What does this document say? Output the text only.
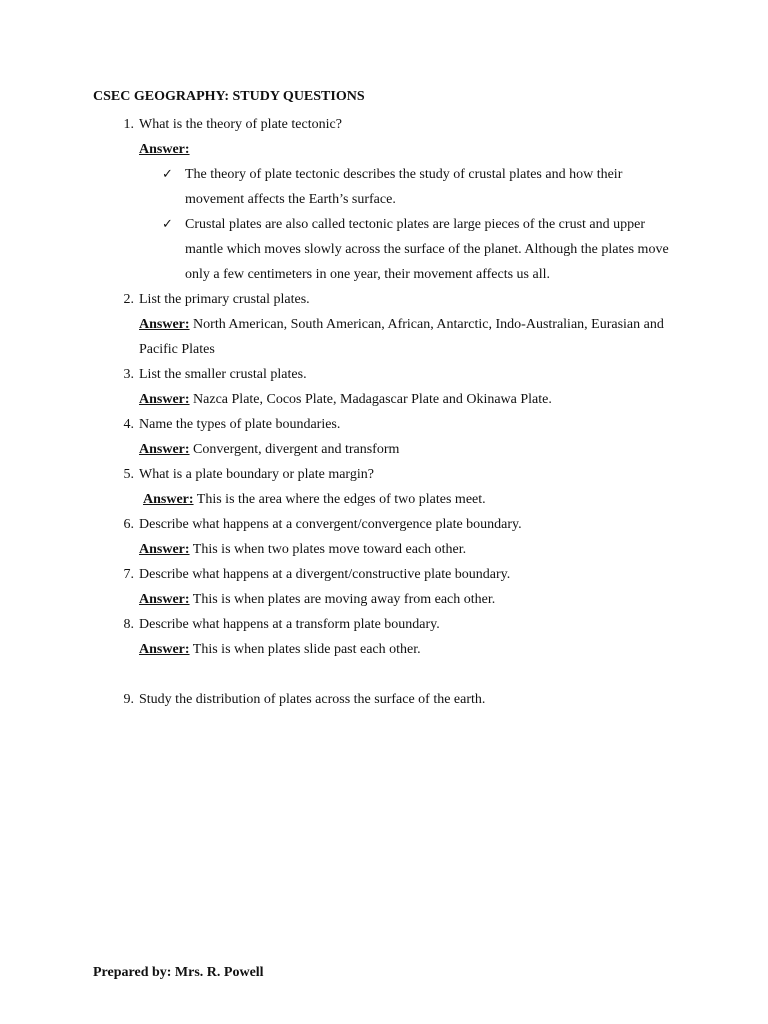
CSEC GEOGRAPHY: STUDY QUESTIONS
1. What is the theory of plate tectonic?
Answer:
✓ The theory of plate tectonic describes the study of crustal plates and how their movement affects the Earth’s surface.
✓ Crustal plates are also called tectonic plates are large pieces of the crust and upper mantle which moves slowly across the surface of the planet. Although the plates move only a few centimeters in one year, their movement affects us all.
2. List the primary crustal plates.
Answer: North American, South American, African, Antarctic, Indo-Australian, Eurasian and Pacific Plates
3. List the smaller crustal plates.
Answer: Nazca Plate, Cocos Plate, Madagascar Plate and Okinawa Plate.
4. Name the types of plate boundaries.
Answer: Convergent, divergent and transform
5. What is a plate boundary or plate margin?
Answer: This is the area where the edges of two plates meet.
6. Describe what happens at a convergent/convergence plate boundary.
Answer: This is when two plates move toward each other.
7. Describe what happens at a divergent/constructive plate boundary.
Answer: This is when plates are moving away from each other.
8. Describe what happens at a transform plate boundary.
Answer: This is when plates slide past each other.
9. Study the distribution of plates across the surface of the earth.
Prepared by: Mrs. R. Powell
